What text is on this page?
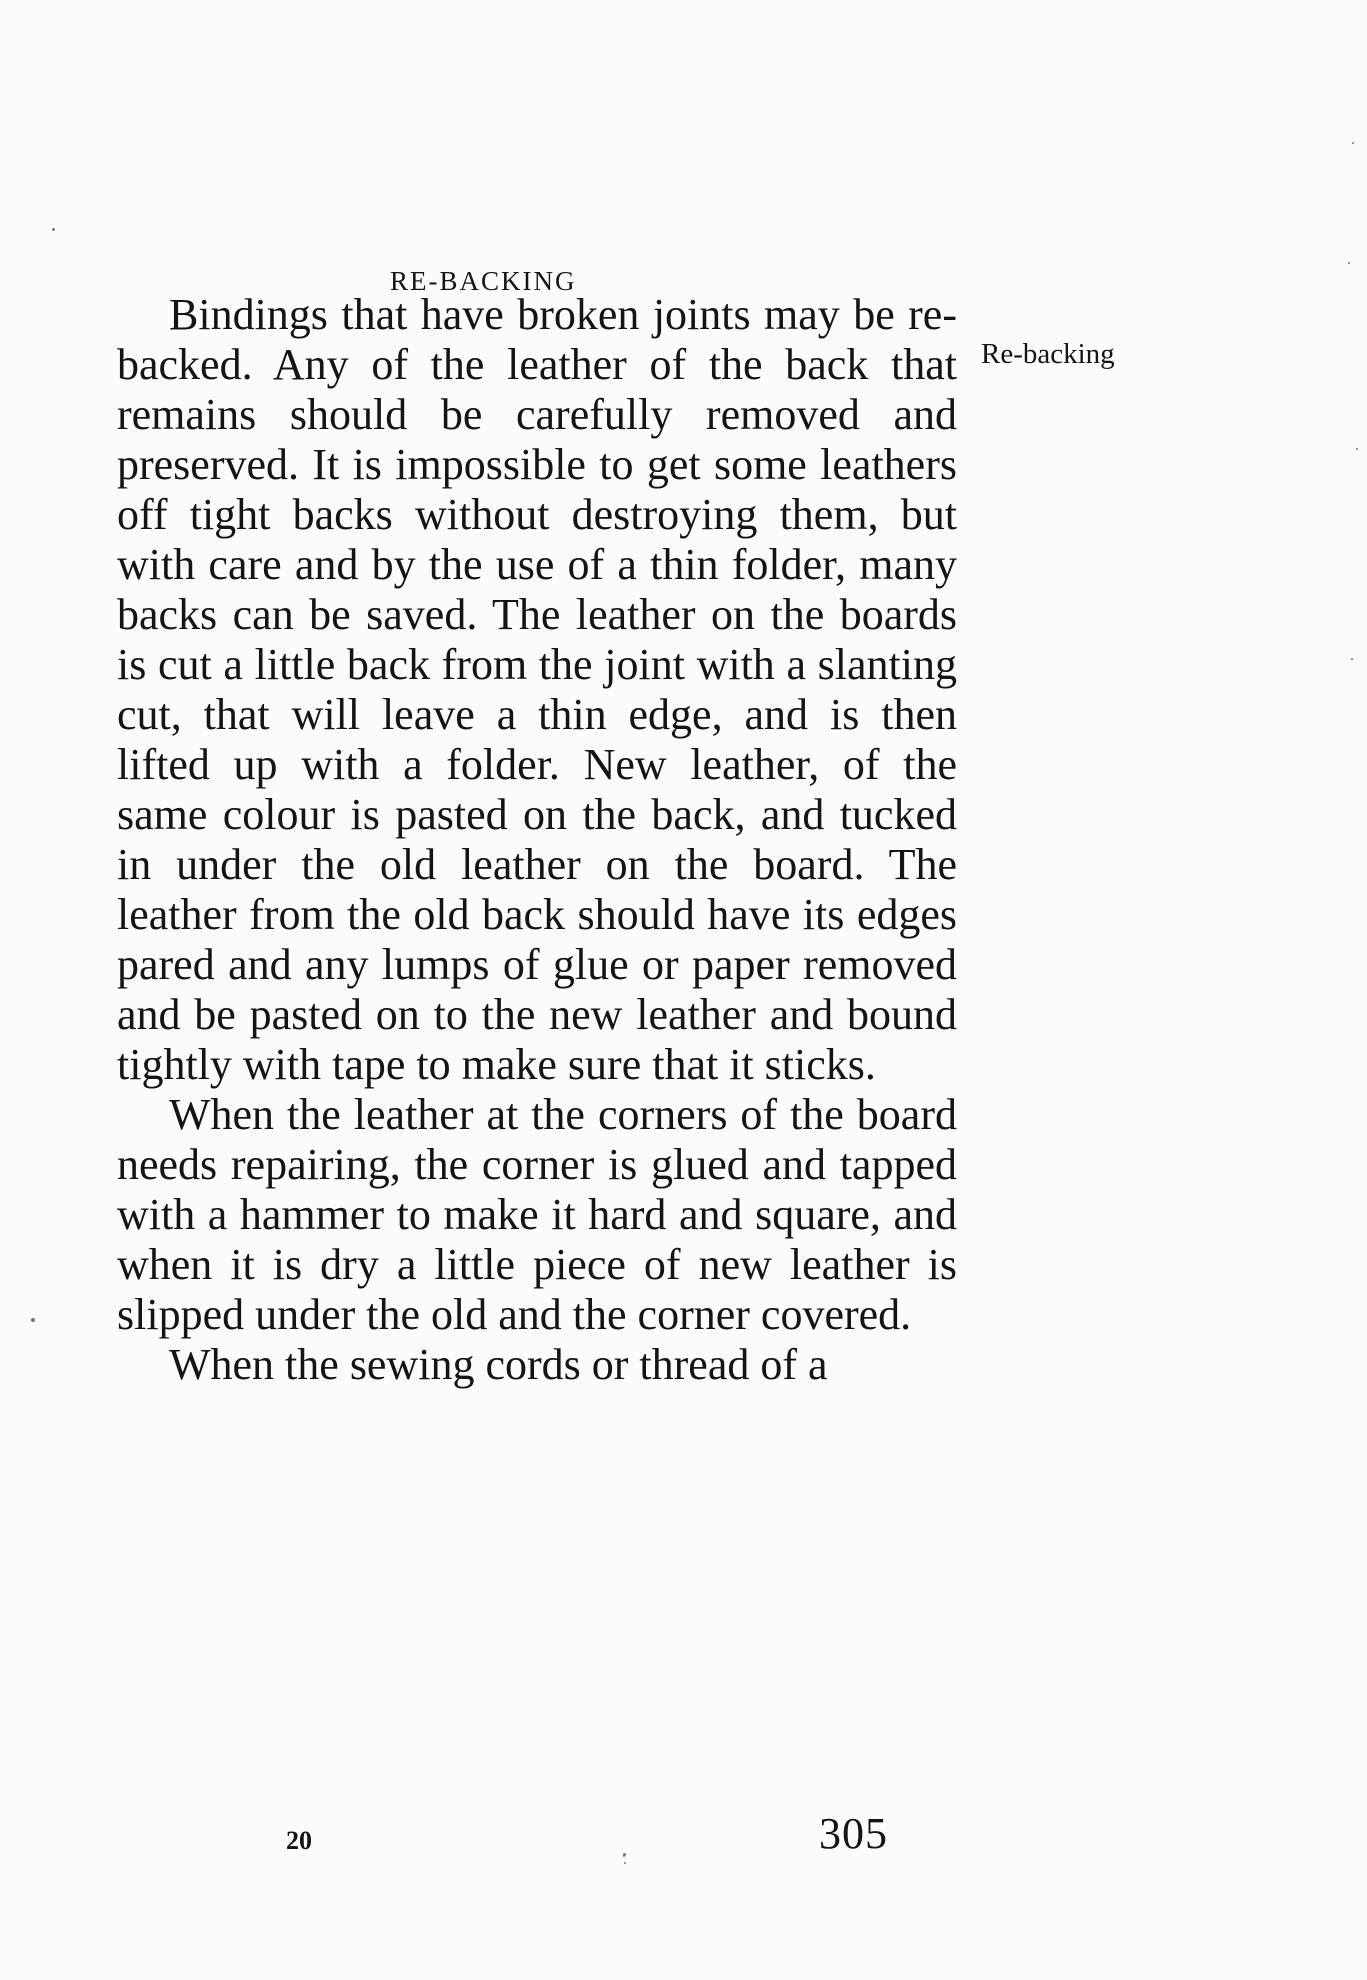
RE-BACKING
Re-backing

Bindings that have broken joints may be re-backed. Any of the leather of the back that remains should be carefully removed and preserved. It is impossible to get some leathers off tight backs without destroying them, but with care and by the use of a thin folder, many backs can be saved. The leather on the boards is cut a little back from the joint with a slanting cut, that will leave a thin edge, and is then lifted up with a folder. New leather, of the same colour is pasted on the back, and tucked in under the old leather on the board. The leather from the old back should have its edges pared and any lumps of glue or paper removed and be pasted on to the new leather and bound tightly with tape to make sure that it sticks.

When the leather at the corners of the board needs repairing, the corner is glued and tapped with a hammer to make it hard and square, and when it is dry a little piece of new leather is slipped under the old and the corner covered.

When the sewing cords or thread of a

20	305
